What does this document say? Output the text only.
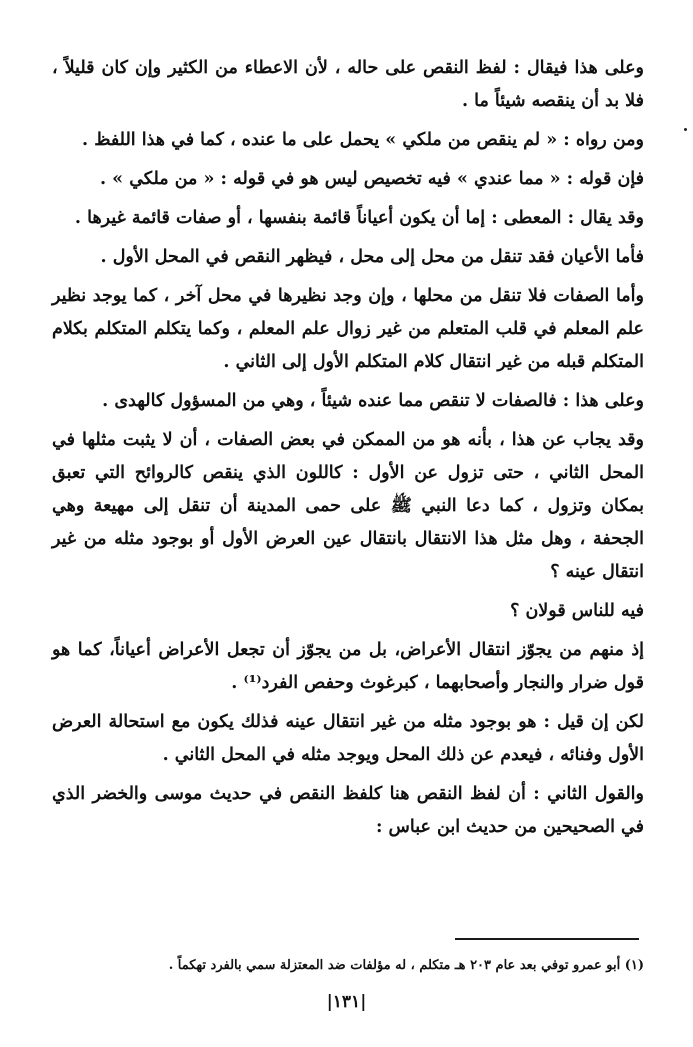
وعلى هذا فيقال : لفظ النقص على حاله ، لأن الاعطاء من الكثير وإن كان قليلاً ، فلا بد أن ينقصه شيئاً ما .

ومن رواه : « لم ينقص من ملكي » يحمل على ما عنده ، كما في هذا اللفظ .

فإن قوله : « مما عندي » فيه تخصيص ليس هو في قوله : « من ملكي » .

وقد يقال : المعطى : إما أن يكون أعياناً قائمة بنفسها ، أو صفات قائمة غيرها .

فأما الأعيان فقد تنقل من محل إلى محل ، فيظهر النقص في المحل الأول .

وأما الصفات فلا تنقل من محلها ، وإن وجد نظيرها في محل آخر ، كما يوجد نظير علم المعلم في قلب المتعلم من غير زوال علم المعلم ، وكما يتكلم المتكلم بكلام المتكلم قبله من غير انتقال كلام المتكلم الأول إلى الثاني .

وعلى هذا : فالصفات لا تنقص مما عنده شيئاً ، وهي من المسؤول كالهدى .

وقد يجاب عن هذا ، بأنه هو من الممكن في بعض الصفات ، أن لا يثبت مثلها في المحل الثاني ، حتى تزول عن الأول : كاللون الذي ينقص كالروائح التي تعبق بمكان وتزول ، كما دعا النبي ﷺ على حمى المدينة أن تنقل إلى مهيعة وهي الجحفة ، وهل مثل هذا الانتقال بانتقال عين العرض الأول أو بوجود مثله من غير انتقال عينه ؟

فيه للناس قولان ؟

إذ منهم من يجوّز انتقال الأعراض، بل من يجوّز أن تجعل الأعراض أعياناً، كما هو قول ضرار والنجار وأصحابهما ، كبرغوث وحفص الفرد⁽¹⁾ .

لكن إن قيل : هو بوجود مثله من غير انتقال عينه فذلك يكون مع استحالة العرض الأول وفنائه ، فيعدم عن ذلك المحل ويوجد مثله في المحل الثاني .

والقول الثاني : أن لفظ النقص هنا كلفظ النقص في حديث موسى والخضر الذي في الصحيحين من حديث ابن عباس :

(١) أبو عمرو توفي بعد عام ٢٠٣ هـ متكلم ، له مؤلفات ضد المعتزلة سمي بالفرد تهكماً .
|١٣١|
